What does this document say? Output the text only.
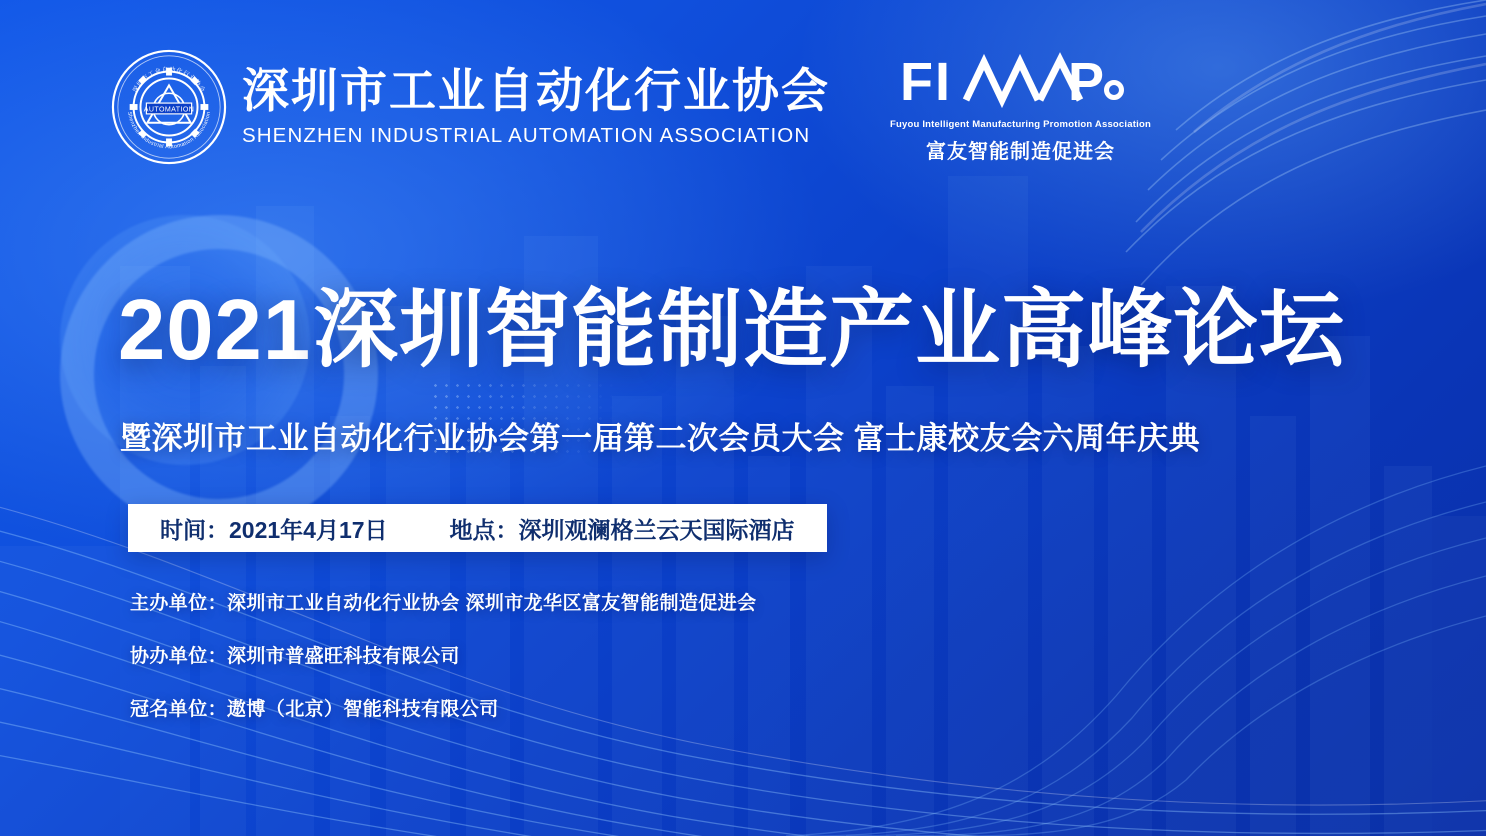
AUTOMATION
深圳市工业自动化行业协会
Shenzhen Industrial Automation Association 深圳市工业自动化行业协会
SHENZHEN INDUSTRIAL AUTOMATION ASSOCIATION
FI P
Fuyou Intelligent Manufacturing Promotion Association
富友智能制造促进会
2021深圳智能制造产业高峰论坛
暨深圳市工业自动化行业协会第一届第二次会员大会 富士康校友会六周年庆典
时间：2021年4月17日	地点：深圳观澜格兰云天国际酒店
主办单位：深圳市工业自动化行业协会 深圳市龙华区富友智能制造促进会
协办单位：深圳市普盛旺科技有限公司
冠名单位：遨博（北京）智能科技有限公司
